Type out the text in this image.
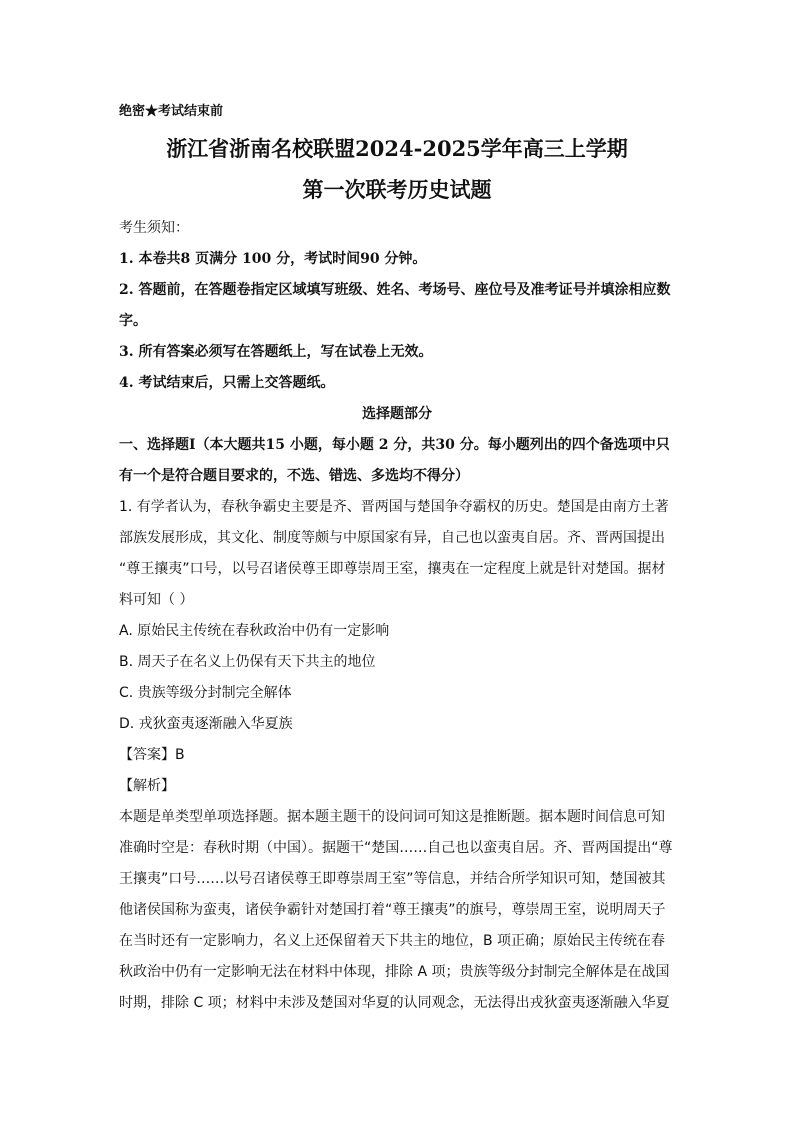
绝密★考试结束前
浙江省浙南名校联盟2024-2025学年高三上学期
第一次联考历史试题
考生须知：
1. 本卷共8 页满分 100 分，考试时间90 分钟。
2. 答题前，在答题卷指定区域填写班级、姓名、考场号、座位号及准考证号并填涂相应数
字。
3. 所有答案必须写在答题纸上，写在试卷上无效。
4. 考试结束后，只需上交答题纸。
选择题部分
一、选择题Ⅰ（本大题共15 小题，每小题 2 分，共30 分。每小题列出的四个备选项中只
有一个是符合题目要求的，不选、错选、多选均不得分）
1. 有学者认为，春秋争霸史主要是齐、晋两国与楚国争夺霸权的历史。楚国是由南方土著
部族发展形成，其文化、制度等颇与中原国家有异，自己也以蛮夷自居。齐、晋两国提出
“尊王攘夷”口号，以号召诸侯尊王即尊崇周王室，攘夷在一定程度上就是针对楚国。据材
料可知（ ）
A. 原始民主传统在春秋政治中仍有一定影响
B. 周天子在名义上仍保有天下共主的地位
C. 贵族等级分封制完全解体
D. 戎狄蛮夷逐渐融入华夏族
【答案】B
【解析】
本题是单类型单项选择题。据本题主题干的设问词可知这是推断题。据本题时间信息可知
准确时空是：春秋时期（中国）。据题干“楚国……自己也以蛮夷自居。齐、晋两国提出“尊
王攘夷”口号……以号召诸侯尊王即尊崇周王室”等信息，并结合所学知识可知，楚国被其
他诸侯国称为蛮夷，诸侯争霸针对楚国打着“尊王攘夷”的旗号，尊崇周王室，说明周天子
在当时还有一定影响力，名义上还保留着天下共主的地位，B 项正确；原始民主传统在春
秋政治中仍有一定影响无法在材料中体现，排除 A 项；贵族等级分封制完全解体是在战国
时期，排除 C 项；材料中未涉及楚国对华夏的认同观念，无法得出戎狄蛮夷逐渐融入华夏
